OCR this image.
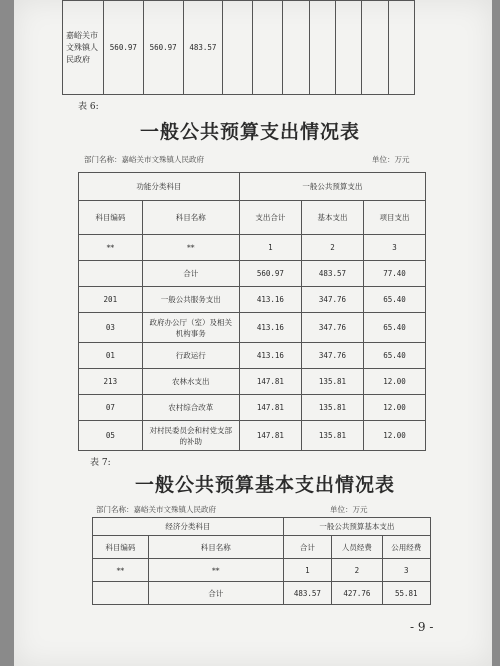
嘉峪关市文殊镇人民政府	560.97	560.97	483.57							
表 6:
一般公共预算支出情况表
部门名称：嘉峪关市文殊镇人民政府	单位：万元
功能分类科目		一般公共预算支出		
科目编码	科目名称	支出合计	基本支出	项目支出
**	**	1	2	3
	合计	560.97	483.57	77.40
201	一般公共服务支出	413.16	347.76	65.40
03	政府办公厅（室）及相关机构事务	413.16	347.76	65.40
01	行政运行	413.16	347.76	65.40
213	农林水支出	147.81	135.81	12.00
07	农村综合改革	147.81	135.81	12.00
05	对村民委员会和村党支部的补助	147.81	135.81	12.00
表 7:
一般公共预算基本支出情况表
部门名称：嘉峪关市文殊镇人民政府	单位：万元
经济分类科目		一般公共预算基本支出		
科目编码	科目名称	合计	人员经费	公用经费
**	**	1	2	3
	合计	483.57	427.76	55.81
- 9 -
